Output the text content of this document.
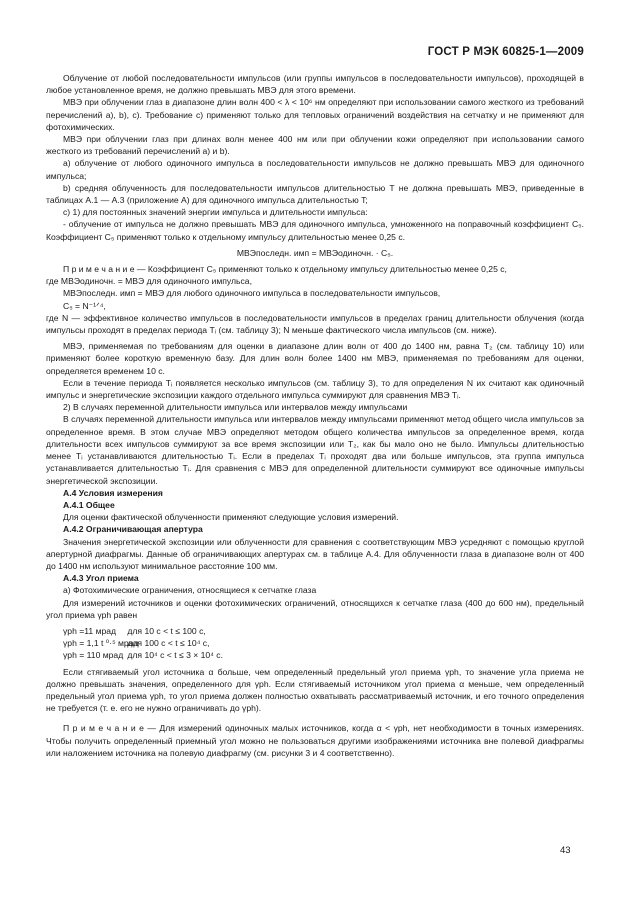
ГОСТ Р МЭК 60825-1—2009

Облучение от любой последовательности импульсов (или группы импульсов в последовательности импульсов), проходящей в любое установленное время, не должно превышать МВЭ для этого времени.

МВЭ при облучении глаз в диапазоне длин волн 400 < λ < 10⁶ нм определяют при использовании самого жесткого из требований перечислений а), b), с). Требование с) применяют только для тепловых ограничений воздействия на сетчатку и не применяют для фотохимических.

МВЭ при облучении глаз при длинах волн менее 400 нм или при облучении кожи определяют при использовании самого жесткого из требований перечислений а) и b).

а) облучение от любого одиночного импульса в последовательности импульсов не должно превышать МВЭ для одиночного импульса;

b) средняя облученность для последовательности импульсов длительностью T не должна превышать МВЭ, приведенные в таблицах А.1 — А.3 (приложение А) для одиночного импульса длительностью T;

с) 1) для постоянных значений энергии импульса и длительности импульса:

- облучение от импульса не должно превышать МВЭ для одиночного импульса, умноженного на поправочный коэффициент C₅. Коэффициент C₅ применяют только к отдельному импульсу длительностью менее 0,25 с.

МВЭпоследн. имп = МВЭодиночн. · C₅.

П р и м е ч а н и е — Коэффициент C₅ применяют только к отдельному импульсу длительностью менее 0,25 с,

где МВЭодиночн. = МВЭ для одиночного импульса,

МВЭпоследн. имп = МВЭ для любого одиночного импульса в последовательности импульсов,

C₅ = N⁻¹ᐟ⁴,

где N — эффективное количество импульсов в последовательности импульсов в пределах границ длительности облучения (когда импульсы проходят в пределах периода Tᵢ (см. таблицу 3); N меньше фактического числа импульсов (см. ниже).

МВЭ, применяемая по требованиям для оценки в диапазоне длин волн от 400 до 1400 нм, равна T₂ (см. таблицу 10) или применяют более короткую временную базу. Для длин волн более 1400 нм МВЭ, применяемая по требованиям для оценки, определяется временем 10 с.

Если в течение периода Tᵢ появляется несколько импульсов (см. таблицу 3), то для определения N их считают как одиночный импульс и энергетические экспозиции каждого отдельного импульса суммируют для сравнения МВЭ Tᵢ.

2) В случаях переменной длительности импульса или интервалов между импульсами

В случаях переменной длительности импульса или интервалов между импульсами применяют метод общего числа импульсов за определенное время. В этом случае МВЭ определяют методом общего количества импульсов за определенное время, когда длительности всех импульсов суммируют за все время экспозиции или T₂, как бы мало оно не было. Импульсы длительностью менее Tᵢ устанавливаются длительностью Tᵢ. Если в пределах Tᵢ проходят два или больше импульсов, эта группа импульса устанавливается длительностью Tᵢ. Для сравнения с МВЭ для определенной длительности суммируют все одиночные импульсы энергетической экспозиции.

А.4 Условия измерения

А.4.1 Общее

Для оценки фактической облученности применяют следующие условия измерений.

А.4.2 Ограничивающая апертура

Значения энергетической экспозиции или облученности для сравнения с соответствующим МВЭ усредняют с помощью круглой апертурной диафрагмы. Данные об ограничивающих апертурах см. в таблице А.4. Для облученности глаза в диапазоне волн от 400 до 1400 нм используют минимальное расстояние 100 мм.

А.4.3 Угол приема

а) Фотохимические ограничения, относящиеся к сетчатке глаза

Для измерений источников и оценки фотохимических ограничений, относящихся к сетчатке глаза (400 до 600 нм), предельный угол приема γph равен

γph =11 мрад для 10 с < t ≤ 100 с,

γph = 1,1 t ⁰·⁵ мрад для 100 с < t ≤ 10⁴ с,

γph = 110 мрад для 10⁴ с < t ≤ 3 × 10⁴ с.

Если стягиваемый угол источника α больше, чем определенный предельный угол приема γph, то значение угла приема не должно превышать значения, определенного для γph. Если стягиваемый источником угол приема α меньше, чем определенный предельный угол приема γph, то угол приема должен полностью охватывать рассматриваемый источник, и его точного определения не требуется (т. е. его не нужно ограничивать до γph).

П р и м е ч а н и е — Для измерений одиночных малых источников, когда α < γph, нет необходимости в точных измерениях. Чтобы получить определенный приемный угол можно не пользоваться другими изображениями источника вне полевой диафрагмы или наложением источника на полевую диафрагму (см. рисунки 3 и 4 соответственно).

43
